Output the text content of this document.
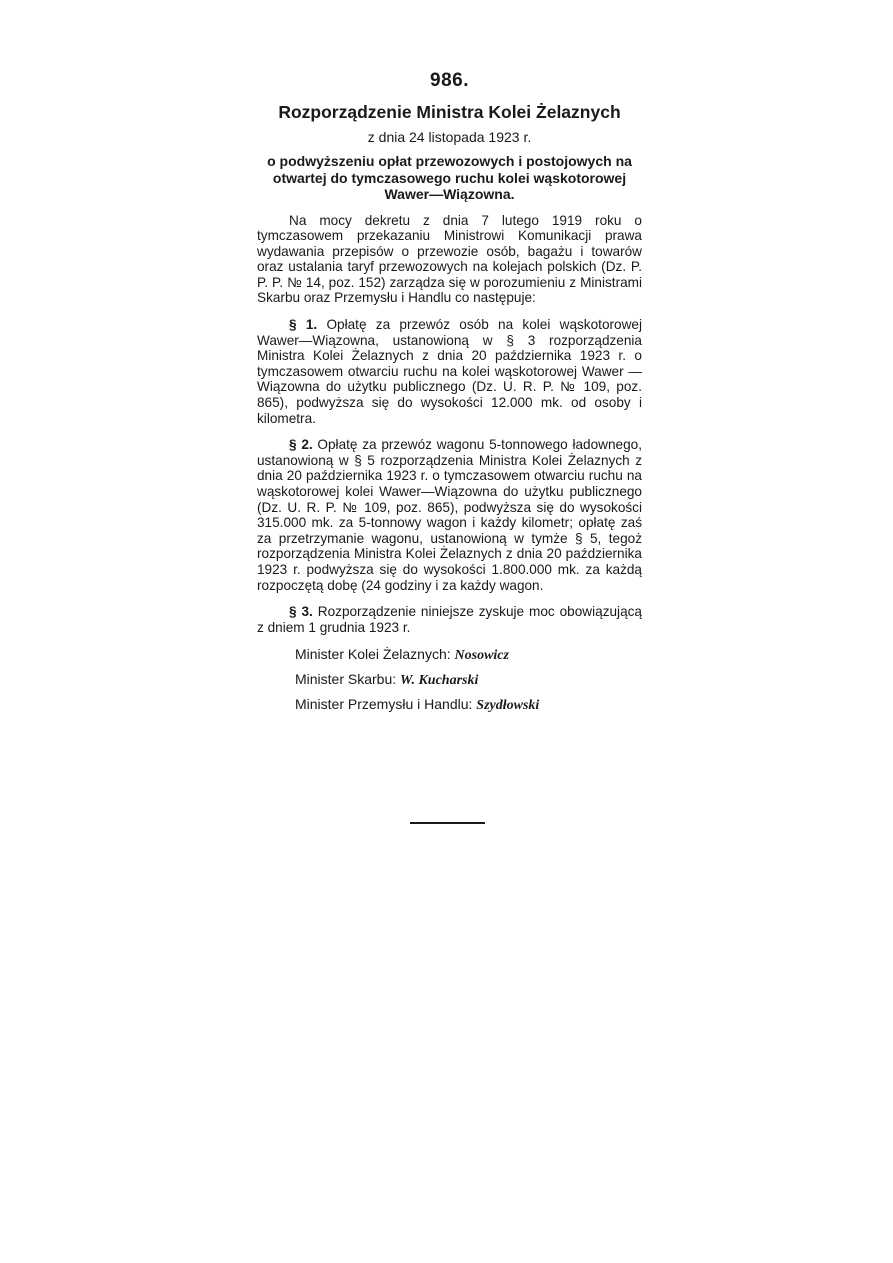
986.
Rozporządzenie Ministra Kolei Żelaznych
z dnia 24 listopada 1923 r.
o podwyższeniu opłat przewozowych i postojowych na otwartej do tymczasowego ruchu kolei wąskotorowej Wawer—Wiązowna.

Na mocy dekretu z dnia 7 lutego 1919 roku o tymczasowem przekazaniu Ministrowi Komunikacji prawa wydawania przepisów o przewozie osób, bagażu i towarów oraz ustalania taryf przewozowych na kolejach polskich (Dz. P. P. P. № 14, poz. 152) zarządza się w porozumieniu z Ministrami Skarbu oraz Przemysłu i Handlu co następuje:

§ 1. Opłatę za przewóz osób na kolei wąskotorowej Wawer—Wiązowna, ustanowioną w § 3 rozporządzenia Ministra Kolei Żelaznych z dnia 20 października 1923 r. o tymczasowem otwarciu ruchu na kolei wąskotorowej Wawer — Wiązowna do użytku publicznego (Dz. U. R. P. № 109, poz. 865), podwyższa się do wysokości 12.000 mk. od osoby i kilometra.

§ 2. Opłatę za przewóz wagonu 5-tonnowego ładownego, ustanowioną w § 5 rozporządzenia Ministra Kolei Żelaznych z dnia 20 października 1923 r. o tymczasowem otwarciu ruchu na wąskotorowej kolei Wawer—Wiązowna do użytku publicznego (Dz. U. R. P. № 109, poz. 865), podwyższa się do wysokości 315.000 mk. za 5-tonnowy wagon i każdy kilometr; opłatę zaś za przetrzymanie wagonu, ustanowioną w tymże § 5, tegoż rozporządzenia Ministra Kolei Żelaznych z dnia 20 października 1923 r. podwyższa się do wysokości 1.800.000 mk. za każdą rozpoczętą dobę (24 godziny i za każdy wagon.

§ 3. Rozporządzenie niniejsze zyskuje moc obowiązującą z dniem 1 grudnia 1923 r.

Minister Kolei Żelaznych: Nosowicz
Minister Skarbu: W. Kucharski
Minister Przemysłu i Handlu: Szydłowski
